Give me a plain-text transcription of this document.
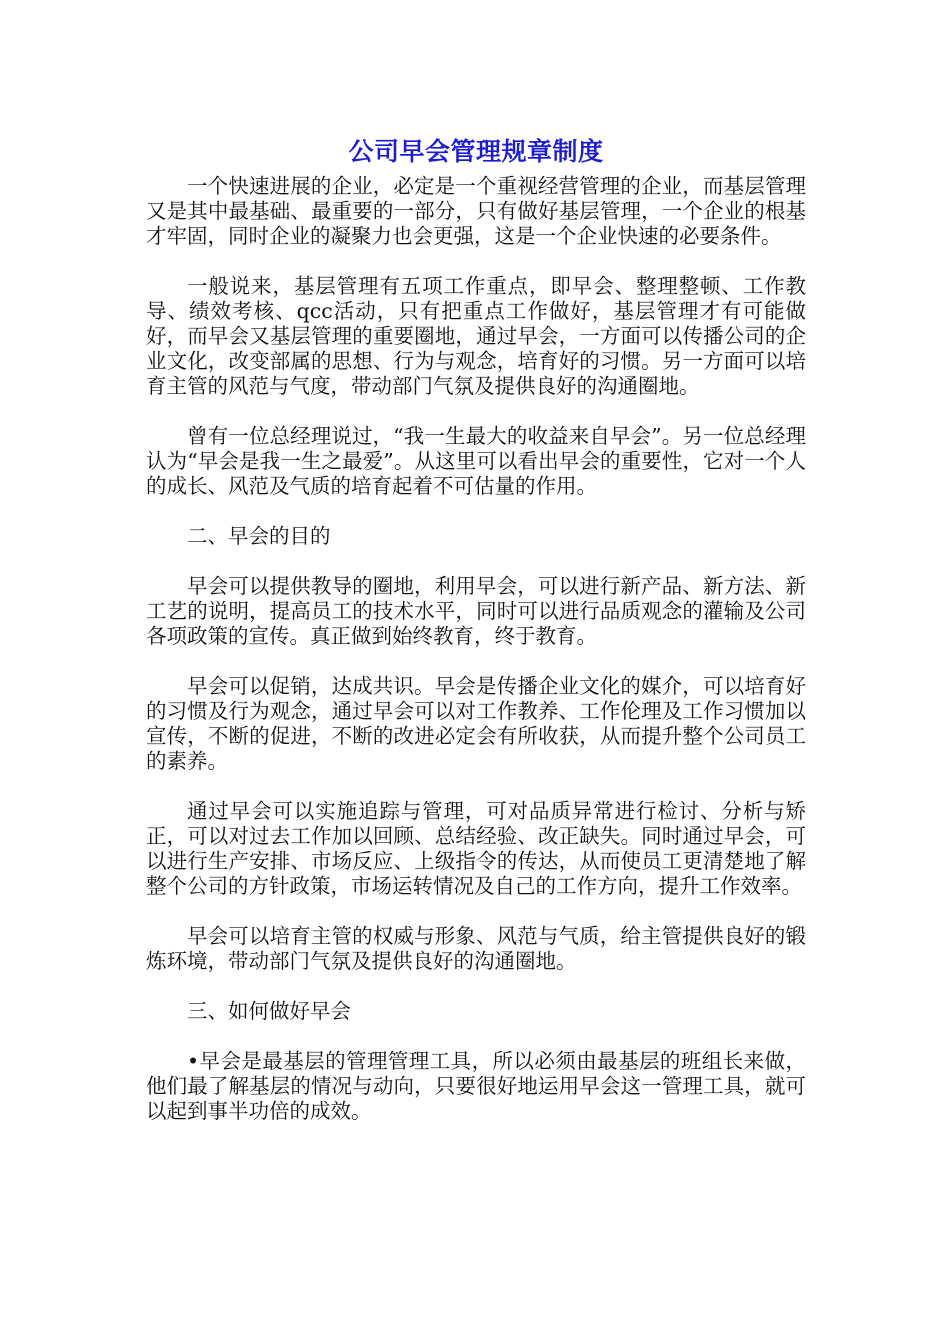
公司早会管理规章制度

一个快速进展的企业，必定是一个重视经营管理的企业，而基层管理又是其中最基础、最重要的一部分，只有做好基层管理，一个企业的根基才牢固，同时企业的凝聚力也会更强，这是一个企业快速的必要条件。

一般说来，基层管理有五项工作重点，即早会、整理整顿、工作教导、绩效考核、qcc活动，只有把重点工作做好，基层管理才有可能做好，而早会又基层管理的重要圈地，通过早会，一方面可以传播公司的企业文化，改变部属的思想、行为与观念，培育好的习惯。另一方面可以培育主管的风范与气度，带动部门气氛及提供良好的沟通圈地。

曾有一位总经理说过，“我一生最大的收益来自早会”。另一位总经理认为“早会是我一生之最爱”。从这里可以看出早会的重要性，它对一个人的成长、风范及气质的培育起着不可估量的作用。

二、早会的目的

早会可以提供教导的圈地，利用早会，可以进行新产品、新方法、新工艺的说明，提高员工的技术水平，同时可以进行品质观念的灌输及公司各项政策的宣传。真正做到始终教育，终于教育。

早会可以促销，达成共识。早会是传播企业文化的媒介，可以培育好的习惯及行为观念，通过早会可以对工作教养、工作伦理及工作习惯加以宣传，不断的促进，不断的改进必定会有所收获，从而提升整个公司员工的素养。

通过早会可以实施追踪与管理，可对品质异常进行检讨、分析与矫正，可以对过去工作加以回顾、总结经验、改正缺失。同时通过早会，可以进行生产安排、市场反应、上级指令的传达，从而使员工更清楚地了解整个公司的方针政策，市场运转情况及自己的工作方向，提升工作效率。

早会可以培育主管的权威与形象、风范与气质，给主管提供良好的锻炼环境，带动部门气氛及提供良好的沟通圈地。

三、如何做好早会

•早会是最基层的管理管理工具，所以必须由最基层的班组长来做，他们最了解基层的情况与动向，只要很好地运用早会这一管理工具，就可以起到事半功倍的成效。
